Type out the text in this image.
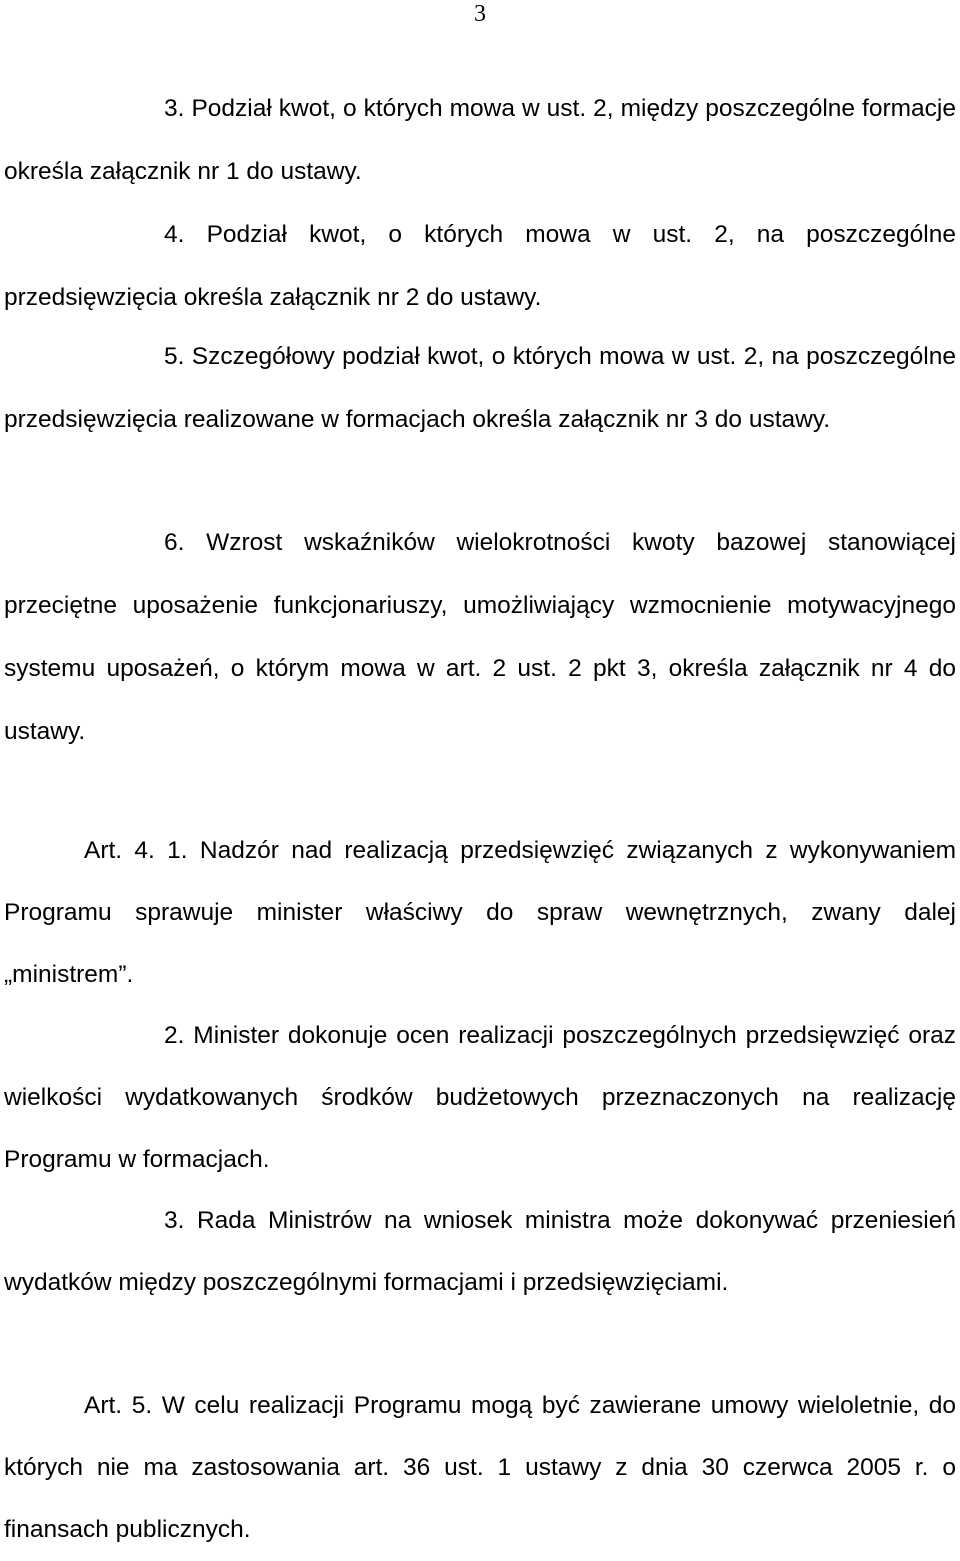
3

3. Podział kwot, o których mowa w ust. 2, między poszczególne formacje określa załącznik nr 1 do ustawy.

4. Podział kwot, o których mowa w ust. 2, na poszczególne przedsięwzięcia określa załącznik nr 2 do ustawy.

5. Szczegółowy podział kwot, o których mowa w ust. 2, na poszczególne przedsięwzięcia realizowane w formacjach określa załącznik nr 3 do ustawy.

6. Wzrost wskaźników wielokrotności kwoty bazowej stanowiącej przeciętne uposażenie funkcjonariuszy, umożliwiający wzmocnienie motywacyjnego systemu uposażeń, o którym mowa w art. 2 ust. 2 pkt 3, określa załącznik nr 4 do ustawy.

Art. 4. 1. Nadzór nad realizacją przedsięwzięć związanych z wykonywaniem Programu sprawuje minister właściwy do spraw wewnętrznych, zwany dalej „ministrem”.

2. Minister dokonuje ocen realizacji poszczególnych przedsięwzięć oraz wielkości wydatkowanych środków budżetowych przeznaczonych na realizację Programu w formacjach.

3. Rada Ministrów na wniosek ministra może dokonywać przeniesień wydatków między poszczególnymi formacjami i przedsięwzięciami.

Art. 5. W celu realizacji Programu mogą być zawierane umowy wieloletnie, do których nie ma zastosowania art. 36 ust. 1 ustawy z dnia 30 czerwca 2005 r. o finansach publicznych.
